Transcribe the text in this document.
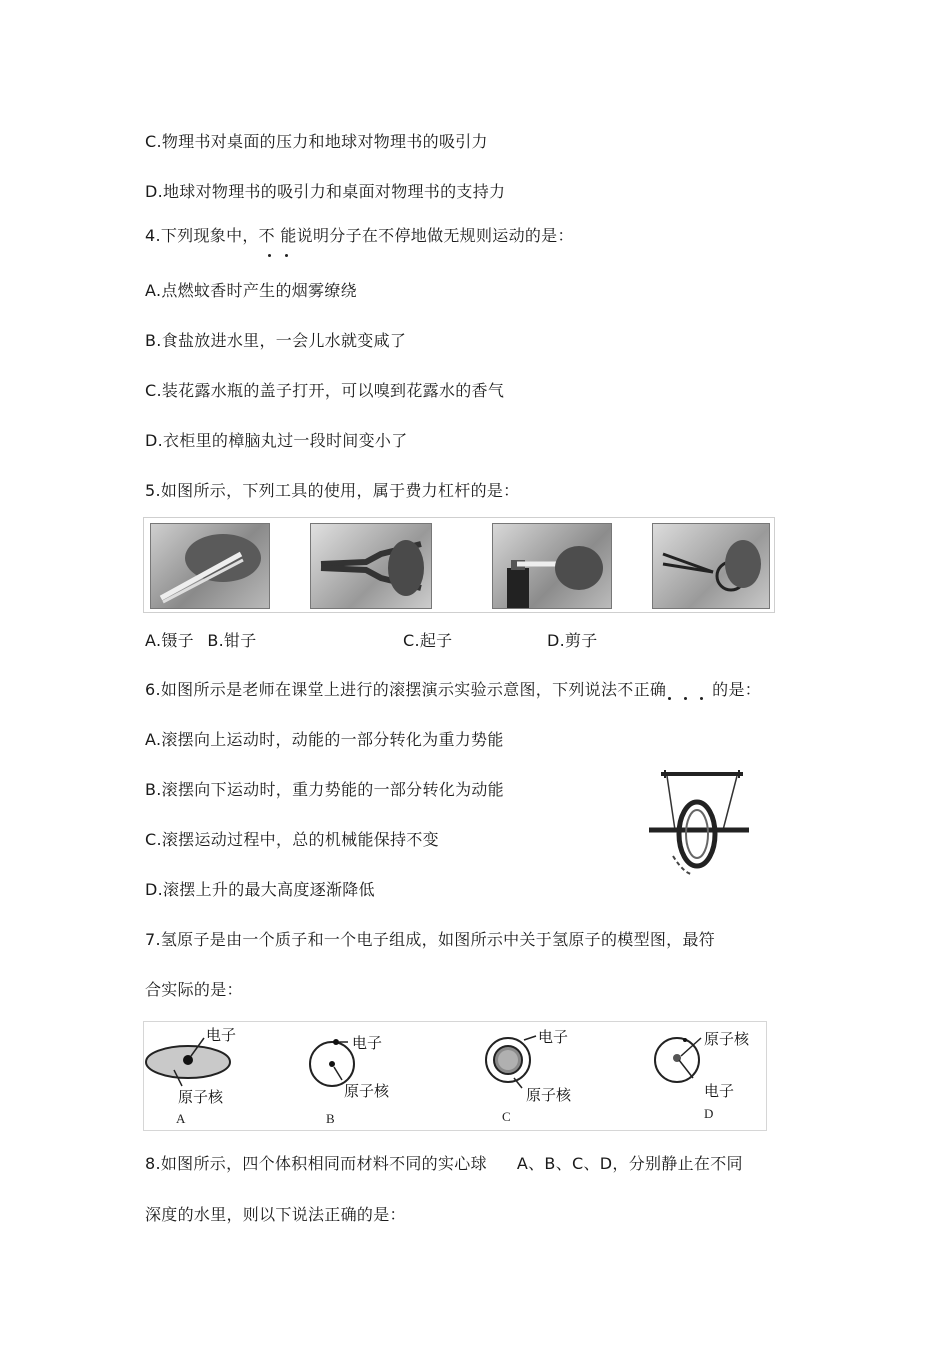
C.物理书对桌面的压力和地球对物理书的吸引力
D.地球对物理书的吸引力和桌面对物理书的支持力
4.下列现象中，不 能
说明分子在不停地做无规则运动的是：
A.点燃蚊香时产生的烟雾缭绕
B.食盐放进水里，一会儿水就变咸了
C.装花露水瓶的盖子打开，可以嗅到花露水的香气
D.衣柜里的樟脑丸过一段时间变小了
5.如图所示，下列工具的使用，属于费力杠杆的是：
A.镊子 B.钳子	C.起子	D.剪子
6.如图所示是老师在课堂上进行的滚摆演示实验示意图，下列说法不正确	的是：
A.滚摆向上运动时，动能的一部分转化为重力势能
B.滚摆向下运动时，重力势能的一部分转化为动能
C.滚摆运动过程中，总的机械能保持不变
D.滚摆上升的最大高度逐渐降低
7.氢原子是由一个质子和一个电子组成，如图所示中关于氢原子的模型图，最符
合实际的是：
电子
原子核
A
电子
原子核
B
电子
原子核
C
原子核
电子
D
8.如图所示，四个体积相同而材料不同的实心球 A、B、C、D，分别静止在不同
深度的水里，则以下说法正确的是：
